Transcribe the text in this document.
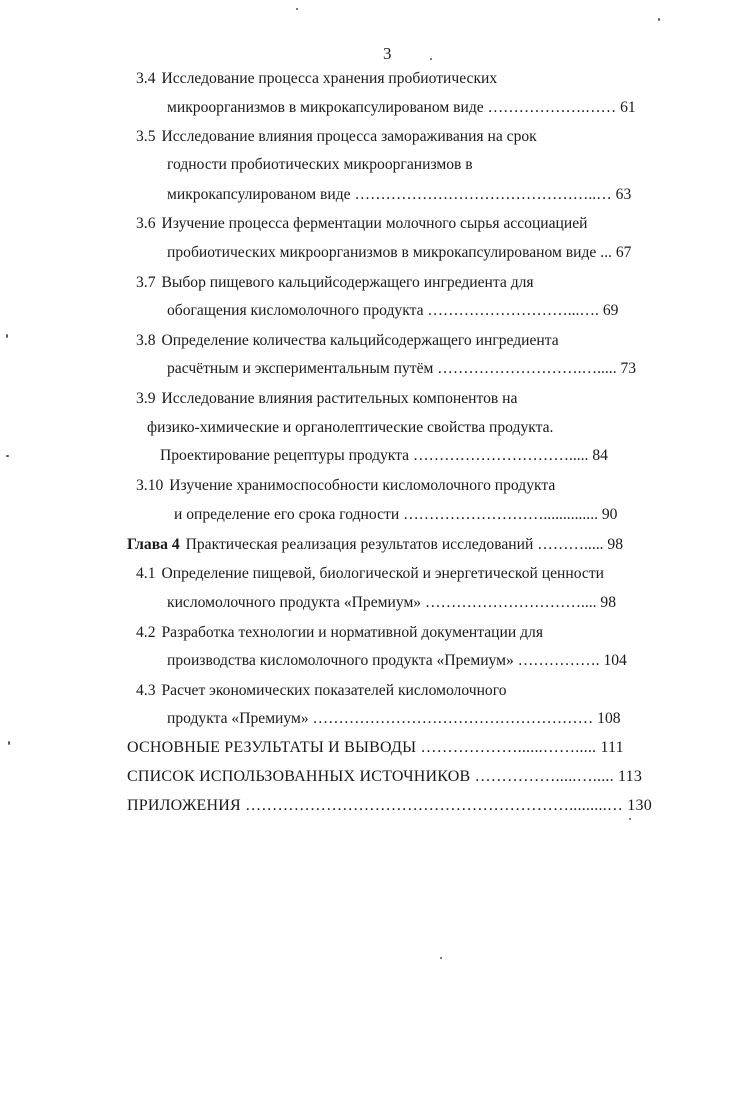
3
3.4 Исследование процесса хранения пробиотических
микроорганизмов в микрокапсулированом виде ……………….…… 61
3.5 Исследование влияния процесса замораживания на срок
годности пробиотических микроорганизмов в
микрокапсулированом виде ………………………………………..… 63
3.6 Изучение процесса ферментации молочного сырья ассоциацией
пробиотических микроорганизмов в микрокапсулированом виде ... 67
3.7 Выбор пищевого кальцийсодержащего ингредиента для
обогащения кисломолочного продукта ………………………...…. 69
3.8 Определение количества кальцийсодержащего ингредиента
расчётным и экспериментальным путём ……………………….…..... 73
3.9 Исследование влияния растительных компонентов на
физико-химические и органолептические свойства продукта.
Проектирование рецептуры продукта …………………………..... 84
3.10 Изучение хранимоспособности кисломолочного продукта
и определение его срока годности ……………………….............. 90
Глава 4 Практическая реализация результатов исследований ………..... 98
4.1 Определение пищевой, биологической и энергетической ценности
кисломолочного продукта «Премиум» ………………………….... 98
4.2 Разработка технологии и нормативной документации для
производства кисломолочного продукта «Премиум» ……………. 104
4.3 Расчет экономических показателей кисломолочного
продукта «Премиум» ……………………………………………… 108
ОСНОВНЫЕ РЕЗУЛЬТАТЫ И ВЫВОДЫ ………………......……..... 111
СПИСОК ИСПОЛЬЗОВАННЫХ ИСТОЧНИКОВ …………….....…..... 113
ПРИЛОЖЕНИЯ …………………………………………………….........… 130
